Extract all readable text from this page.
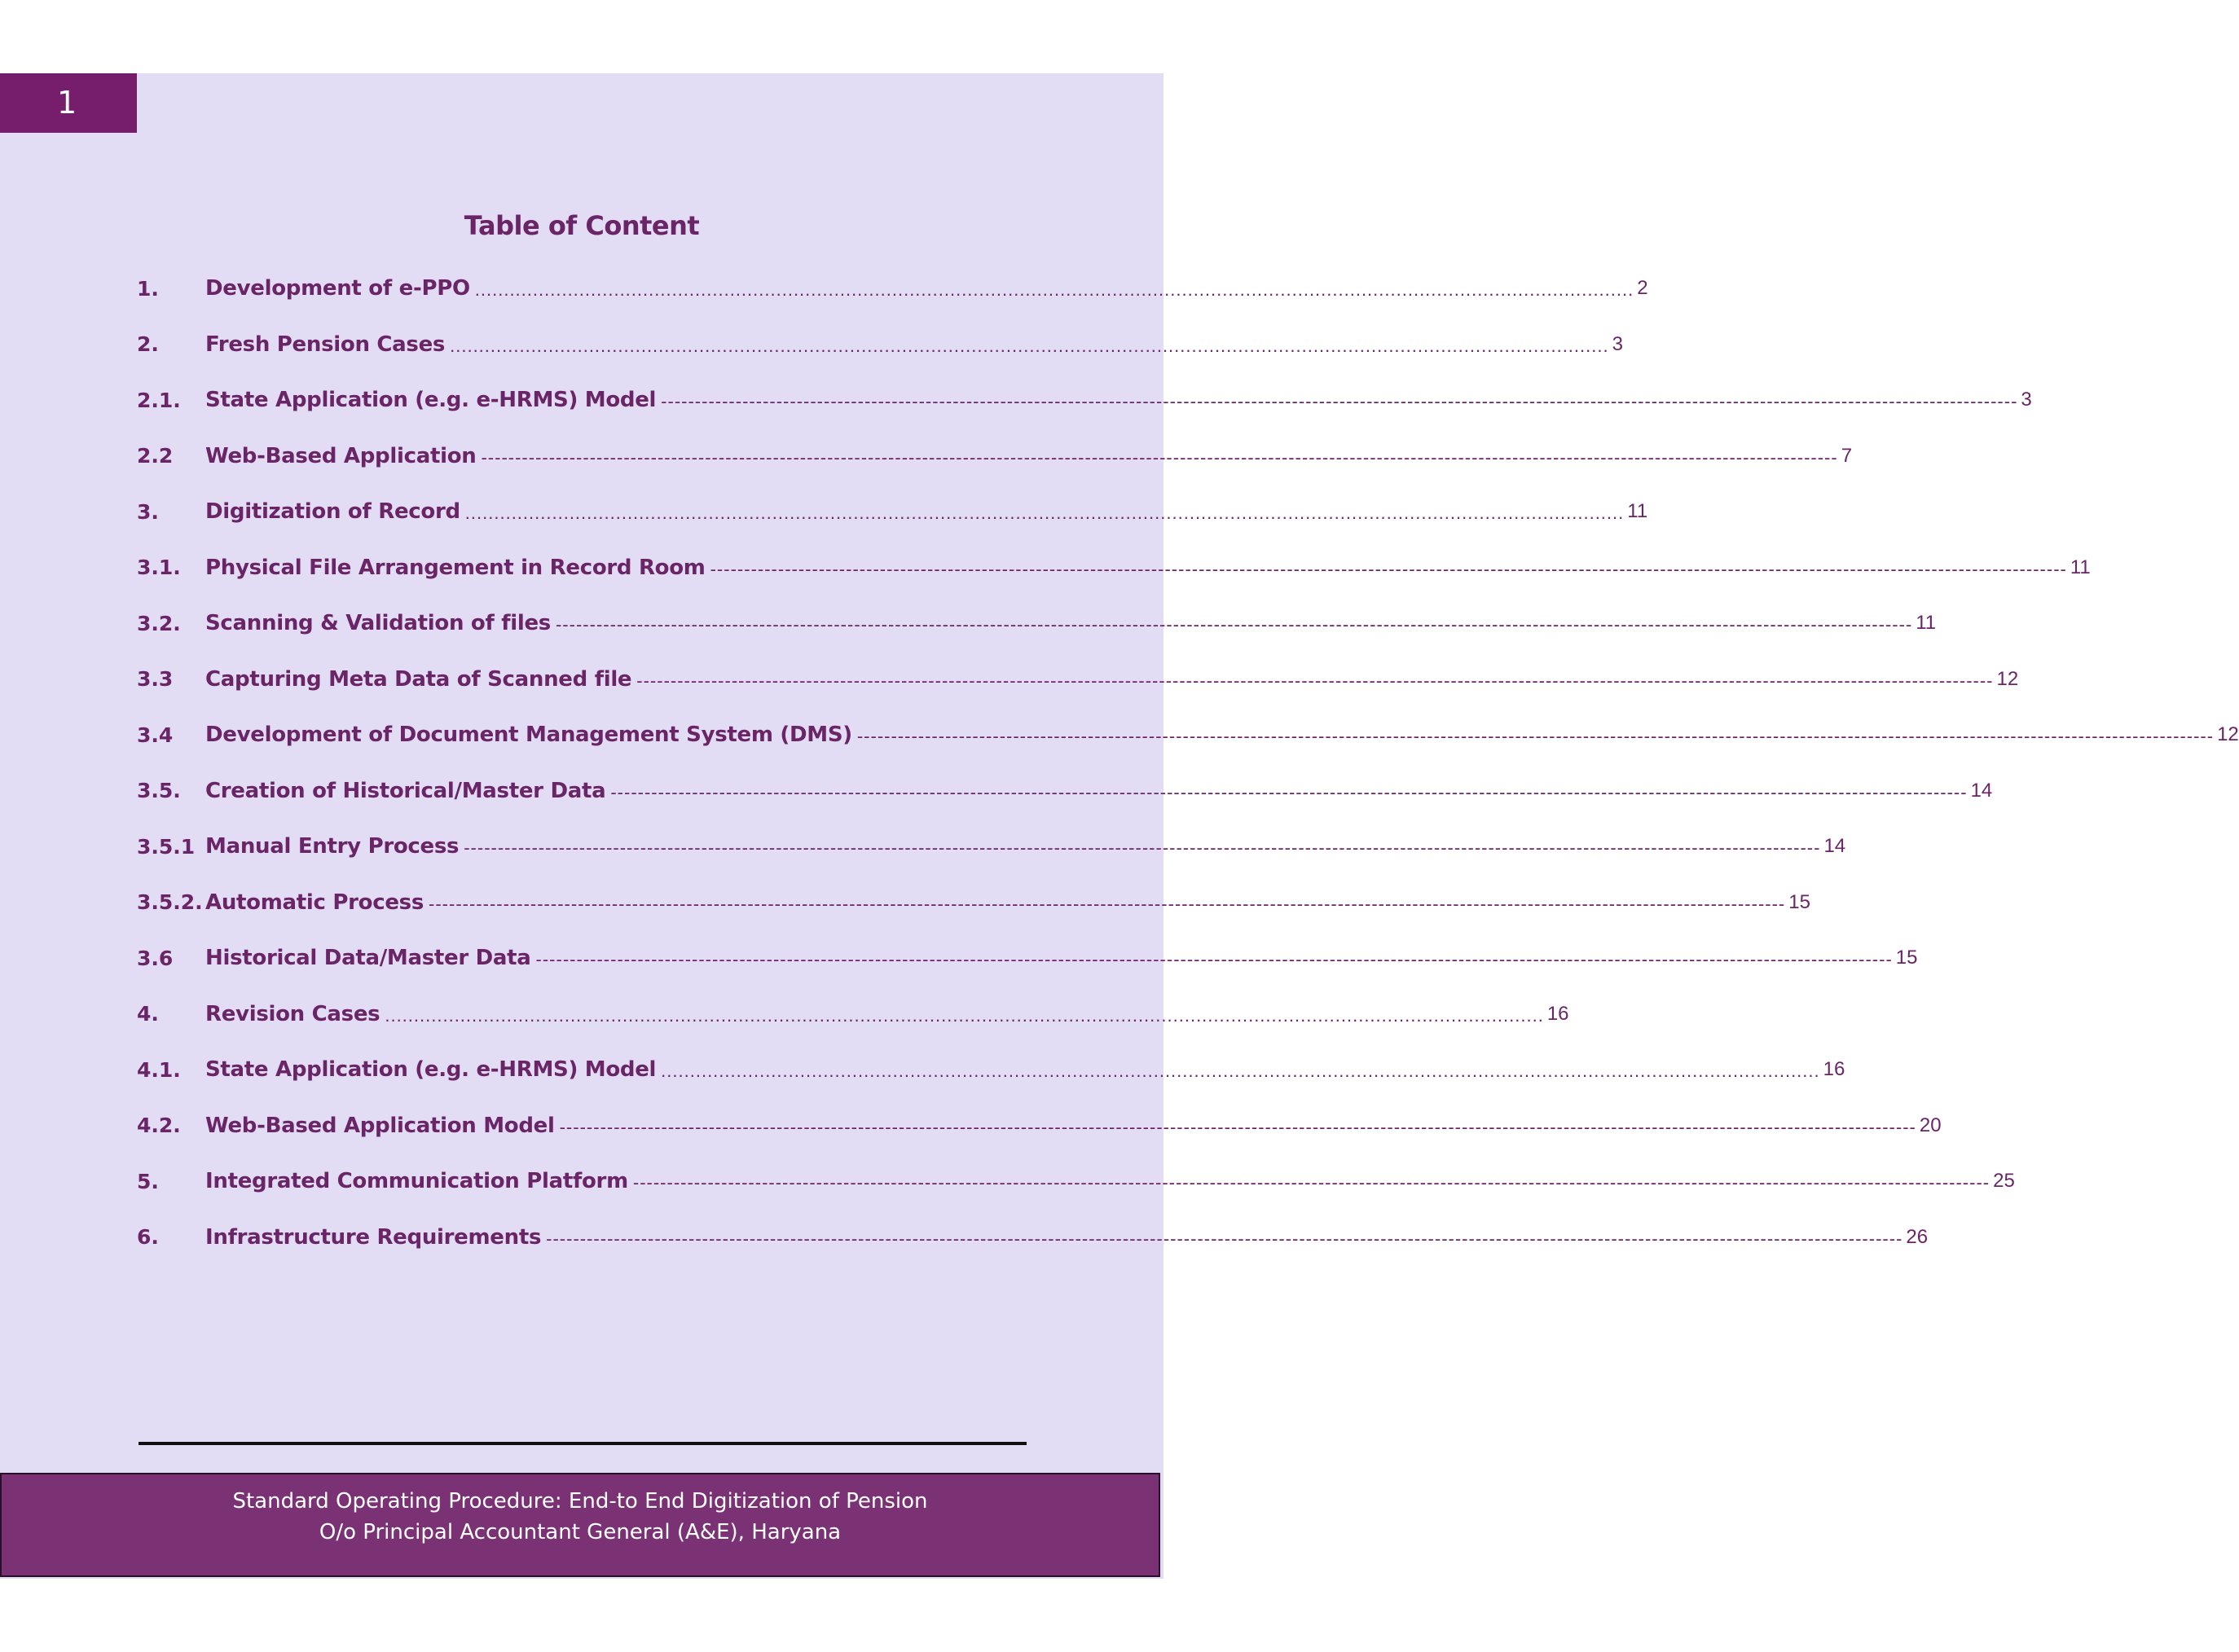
1
Table of Content
1.	Development of e-PPO ........................................................................................................................................................................................................ 2
2.	Fresh Pension Cases ........................................................................................................................................................................................................ 3
2.1.	State Application (e.g. e-HRMS) Model -------------------------------------------------------------------------------------------------------------------------------------------------------------------------------------------------------- 3
2.2	Web-Based Application -------------------------------------------------------------------------------------------------------------------------------------------------------------------------------------------------------- 7
3.	Digitization of Record ........................................................................................................................................................................................................ 11
3.1.	Physical File Arrangement in Record Room -------------------------------------------------------------------------------------------------------------------------------------------------------------------------------------------------------- 11
3.2.	Scanning & Validation of files -------------------------------------------------------------------------------------------------------------------------------------------------------------------------------------------------------- 11
3.3	Capturing Meta Data of Scanned file -------------------------------------------------------------------------------------------------------------------------------------------------------------------------------------------------------- 12
3.4	Development of Document Management System (DMS) -------------------------------------------------------------------------------------------------------------------------------------------------------------------------------------------------------- 12
3.5.	Creation of Historical/Master Data -------------------------------------------------------------------------------------------------------------------------------------------------------------------------------------------------------- 14
3.5.1 Manual Entry Process -------------------------------------------------------------------------------------------------------------------------------------------------------------------------------------------------------- 14
3.5.2. Automatic Process -------------------------------------------------------------------------------------------------------------------------------------------------------------------------------------------------------- 15
3.6	Historical Data/Master Data -------------------------------------------------------------------------------------------------------------------------------------------------------------------------------------------------------- 15
4.	Revision Cases ........................................................................................................................................................................................................ 16
4.1.	State Application (e.g. e-HRMS) Model ........................................................................................................................................................................................................ 16
4.2.	Web-Based Application Model -------------------------------------------------------------------------------------------------------------------------------------------------------------------------------------------------------- 20
5.	Integrated Communication Platform -------------------------------------------------------------------------------------------------------------------------------------------------------------------------------------------------------- 25
6.	Infrastructure Requirements -------------------------------------------------------------------------------------------------------------------------------------------------------------------------------------------------------- 26
Standard Operating Procedure: End-to End Digitization of Pension
O/o Principal Accountant General (A&E), Haryana
